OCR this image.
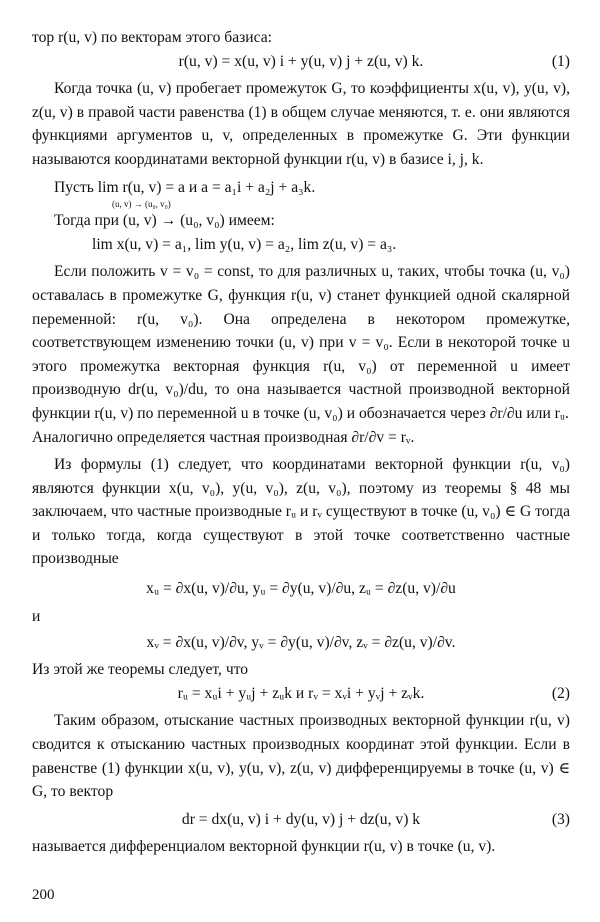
тор r(u, v) по векторам этого базиса:

r(u, v) = x(u, v) i + y(u, v) j + z(u, v) k.	(1)

Когда точка (u, v) пробегает промежуток G, то коэффициенты x(u, v), y(u, v), z(u, v) в правой части равенства (1) в общем случае меняются, т. е. они являются функциями аргументов u, v, определенных в промежутке G. Эти функции называются координатами векторной функции r(u, v) в базисе i, j, k.

Пусть lim r(u, v) = a и a = a₁i + a₂j + a₃k.

(u, v) → (u₀, v₀)

Тогда при (u, v) → (u₀, v₀) имеем:

lim x(u, v) = a₁, lim y(u, v) = a₂, lim z(u, v) = a₃.

Если положить v = v₀ = const, то для различных u, таких, чтобы точка (u, v₀) оставалась в промежутке G, функция r(u, v) станет функцией одной скалярной переменной: r(u, v₀). Она определена в некотором промежутке, соответствующем изменению точки (u, v) при v = v₀. Если в некоторой точке u этого промежутка векторная функция r(u, v₀) от переменной u имеет производную dr(u, v₀)/du, то она называется частной производной векторной функции r(u, v) по переменной u в точке (u, v₀) и обозначается через ∂r/∂u или rᵤ.

Аналогично определяется частная производная ∂r/∂v = rᵥ.

Из формулы (1) следует, что координатами векторной функции r(u, v₀) являются функции x(u, v₀), y(u, v₀), z(u, v₀), поэтому из теоремы § 48 мы заключаем, что частные производные rᵤ и rᵥ существуют в точке (u, v₀) ∈ G тогда и только тогда, когда существуют в этой точке соответственно частные производные

xᵤ = ∂x(u, v)/∂u, yᵤ = ∂y(u, v)/∂u, zᵤ = ∂z(u, v)/∂u
и
xᵥ = ∂x(u, v)/∂v, yᵥ = ∂y(u, v)/∂v, zᵥ = ∂z(u, v)/∂v.

Из этой же теоремы следует, что

rᵤ = xᵤi + yᵤj + zᵤk и rᵥ = xᵥi + yᵥj + zᵥk.	(2)

Таким образом, отыскание частных производных векторной функции r(u, v) сводится к отысканию частных производных координат этой функции. Если в равенстве (1) функции x(u, v), y(u, v), z(u, v) дифференцируемы в точке (u, v) ∈ G, то вектор

dr = dx(u, v) i + dy(u, v) j + dz(u, v) k	(3)

называется дифференциалом векторной функции r(u, v) в точке (u, v).

200
